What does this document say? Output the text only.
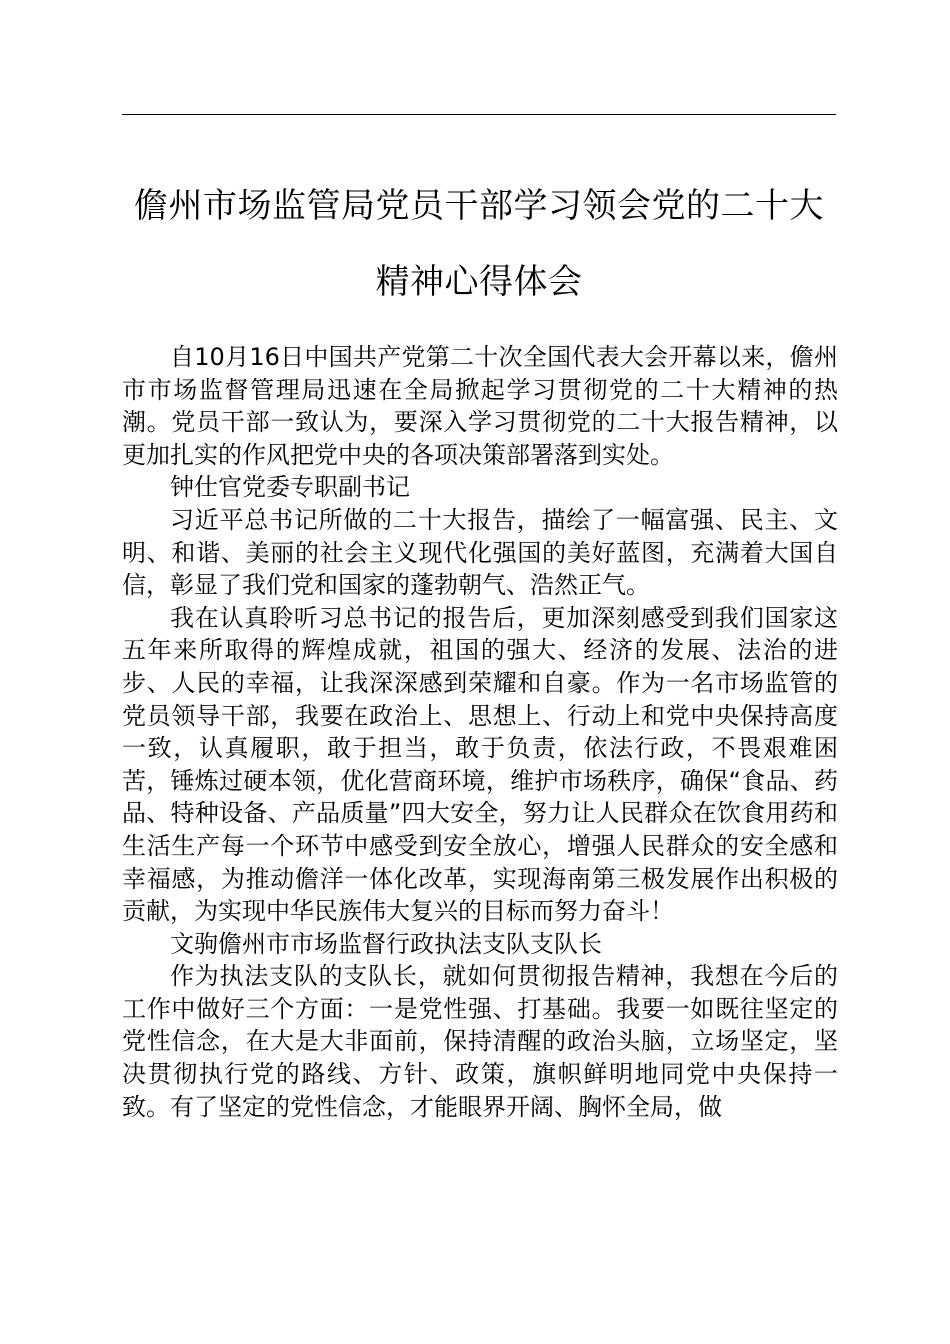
儋州市场监管局党员干部学习领会党的二十大
精神心得体会

自10月16日中国共产党第二十次全国代表大会开幕以来，儋州市市场监督管理局迅速在全局掀起学习贯彻党的二十大精神的热潮。党员干部一致认为，要深入学习贯彻党的二十大报告精神，以更加扎实的作风把党中央的各项决策部署落到实处。

钟仕官党委专职副书记

习近平总书记所做的二十大报告，描绘了一幅富强、民主、文明、和谐、美丽的社会主义现代化强国的美好蓝图，充满着大国自信，彰显了我们党和国家的蓬勃朝气、浩然正气。

我在认真聆听习总书记的报告后，更加深刻感受到我们国家这五年来所取得的辉煌成就，祖国的强大、经济的发展、法治的进步、人民的幸福，让我深深感到荣耀和自豪。作为一名市场监管的党员领导干部，我要在政治上、思想上、行动上和党中央保持高度一致，认真履职，敢于担当，敢于负责，依法行政，不畏艰难困苦，锤炼过硬本领，优化营商环境，维护市场秩序，确保“食品、药品、特种设备、产品质量”四大安全，努力让人民群众在饮食用药和生活生产每一个环节中感受到安全放心，增强人民群众的安全感和幸福感，为推动儋洋一体化改革，实现海南第三极发展作出积极的贡献，为实现中华民族伟大复兴的目标而努力奋斗！

文驹儋州市市场监督行政执法支队支队长

作为执法支队的支队长，就如何贯彻报告精神，我想在今后的工作中做好三个方面：一是党性强、打基础。我要一如既往坚定的党性信念，在大是大非面前，保持清醒的政治头脑，立场坚定，坚决贯彻执行党的路线、方针、政策，旗帜鲜明地同党中央保持一致。有了坚定的党性信念，才能眼界开阔、胸怀全局，做
